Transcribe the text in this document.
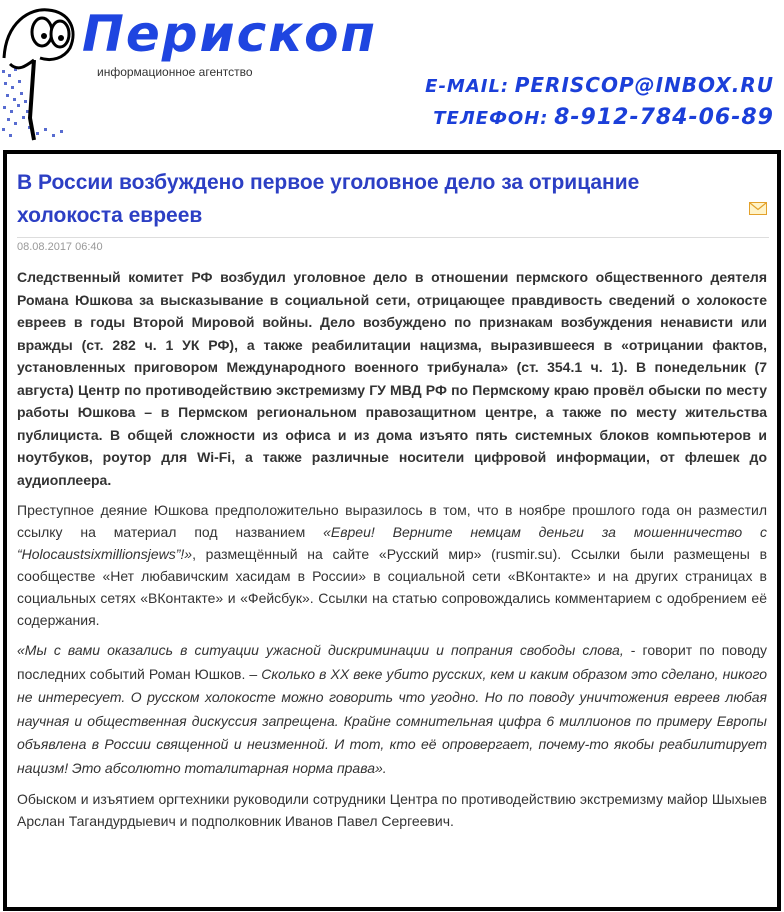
Перископ
информационное агентство
E-MAIL: PERISCOP@INBOX.RU
ТЕЛЕФОН: 8-912-784-06-89
В России возбуждено первое уголовное дело за отрицание холокоста евреев
08.08.2017 06:40

Следственный комитет РФ возбудил уголовное дело в отношении пермского общественного деятеля Романа Юшкова за высказывание в социальной сети, отрицающее правдивость сведений о холокосте евреев в годы Второй Мировой войны. Дело возбуждено по признакам возбуждения ненависти или вражды (ст. 282 ч. 1 УК РФ), а также реабилитации нацизма, выразившееся в «отрицании фактов, установленных приговором Международного военного трибунала» (ст. 354.1 ч. 1). В понедельник (7 августа) Центр по противодействию экстремизму ГУ МВД РФ по Пермскому краю провёл обыски по месту работы Юшкова – в Пермском региональном правозащитном центре, а также по месту жительства публициста. В общей сложности из офиса и из дома изъято пять системных блоков компьютеров и ноутбуков, роутор для Wi-Fi, а также различные носители цифровой информации, от флешек до аудиоплеера.

Преступное деяние Юшкова предположительно выразилось в том, что в ноябре прошлого года он разместил ссылку на материал под названием «Евреи! Верните немцам деньги за мошенничество с “Holocaustsixmillionsjews”!», размещённый на сайте «Русский мир» (rusmir.su). Ссылки были размещены в сообществе «Нет любавичским хасидам в России» в социальной сети «ВКонтакте» и на других страницах в социальных сетях «ВКонтакте» и «Фейсбук». Ссылки на статью сопровождались комментарием с одобрением её содержания.

«Мы с вами оказались в ситуации ужасной дискриминации и попрания свободы слова, - говорит по поводу последних событий Роман Юшков. – Сколько в XX веке убито русских, кем и каким образом это сделано, никого не интересует. О русском холокосте можно говорить что угодно. Но по поводу уничтожения евреев любая научная и общественная дискуссия запрещена. Крайне сомнительная цифра 6 миллионов по примеру Европы объявлена в России священной и неизменной. И тот, кто её опровергает, почему-то якобы реабилитирует нацизм! Это абсолютно тоталитарная норма права».

Обыском и изъятием оргтехники руководили сотрудники Центра по противодействию экстремизму майор Шыхыев Арслан Тагандурдыевич и подполковник Иванов Павел Сергеевич.
